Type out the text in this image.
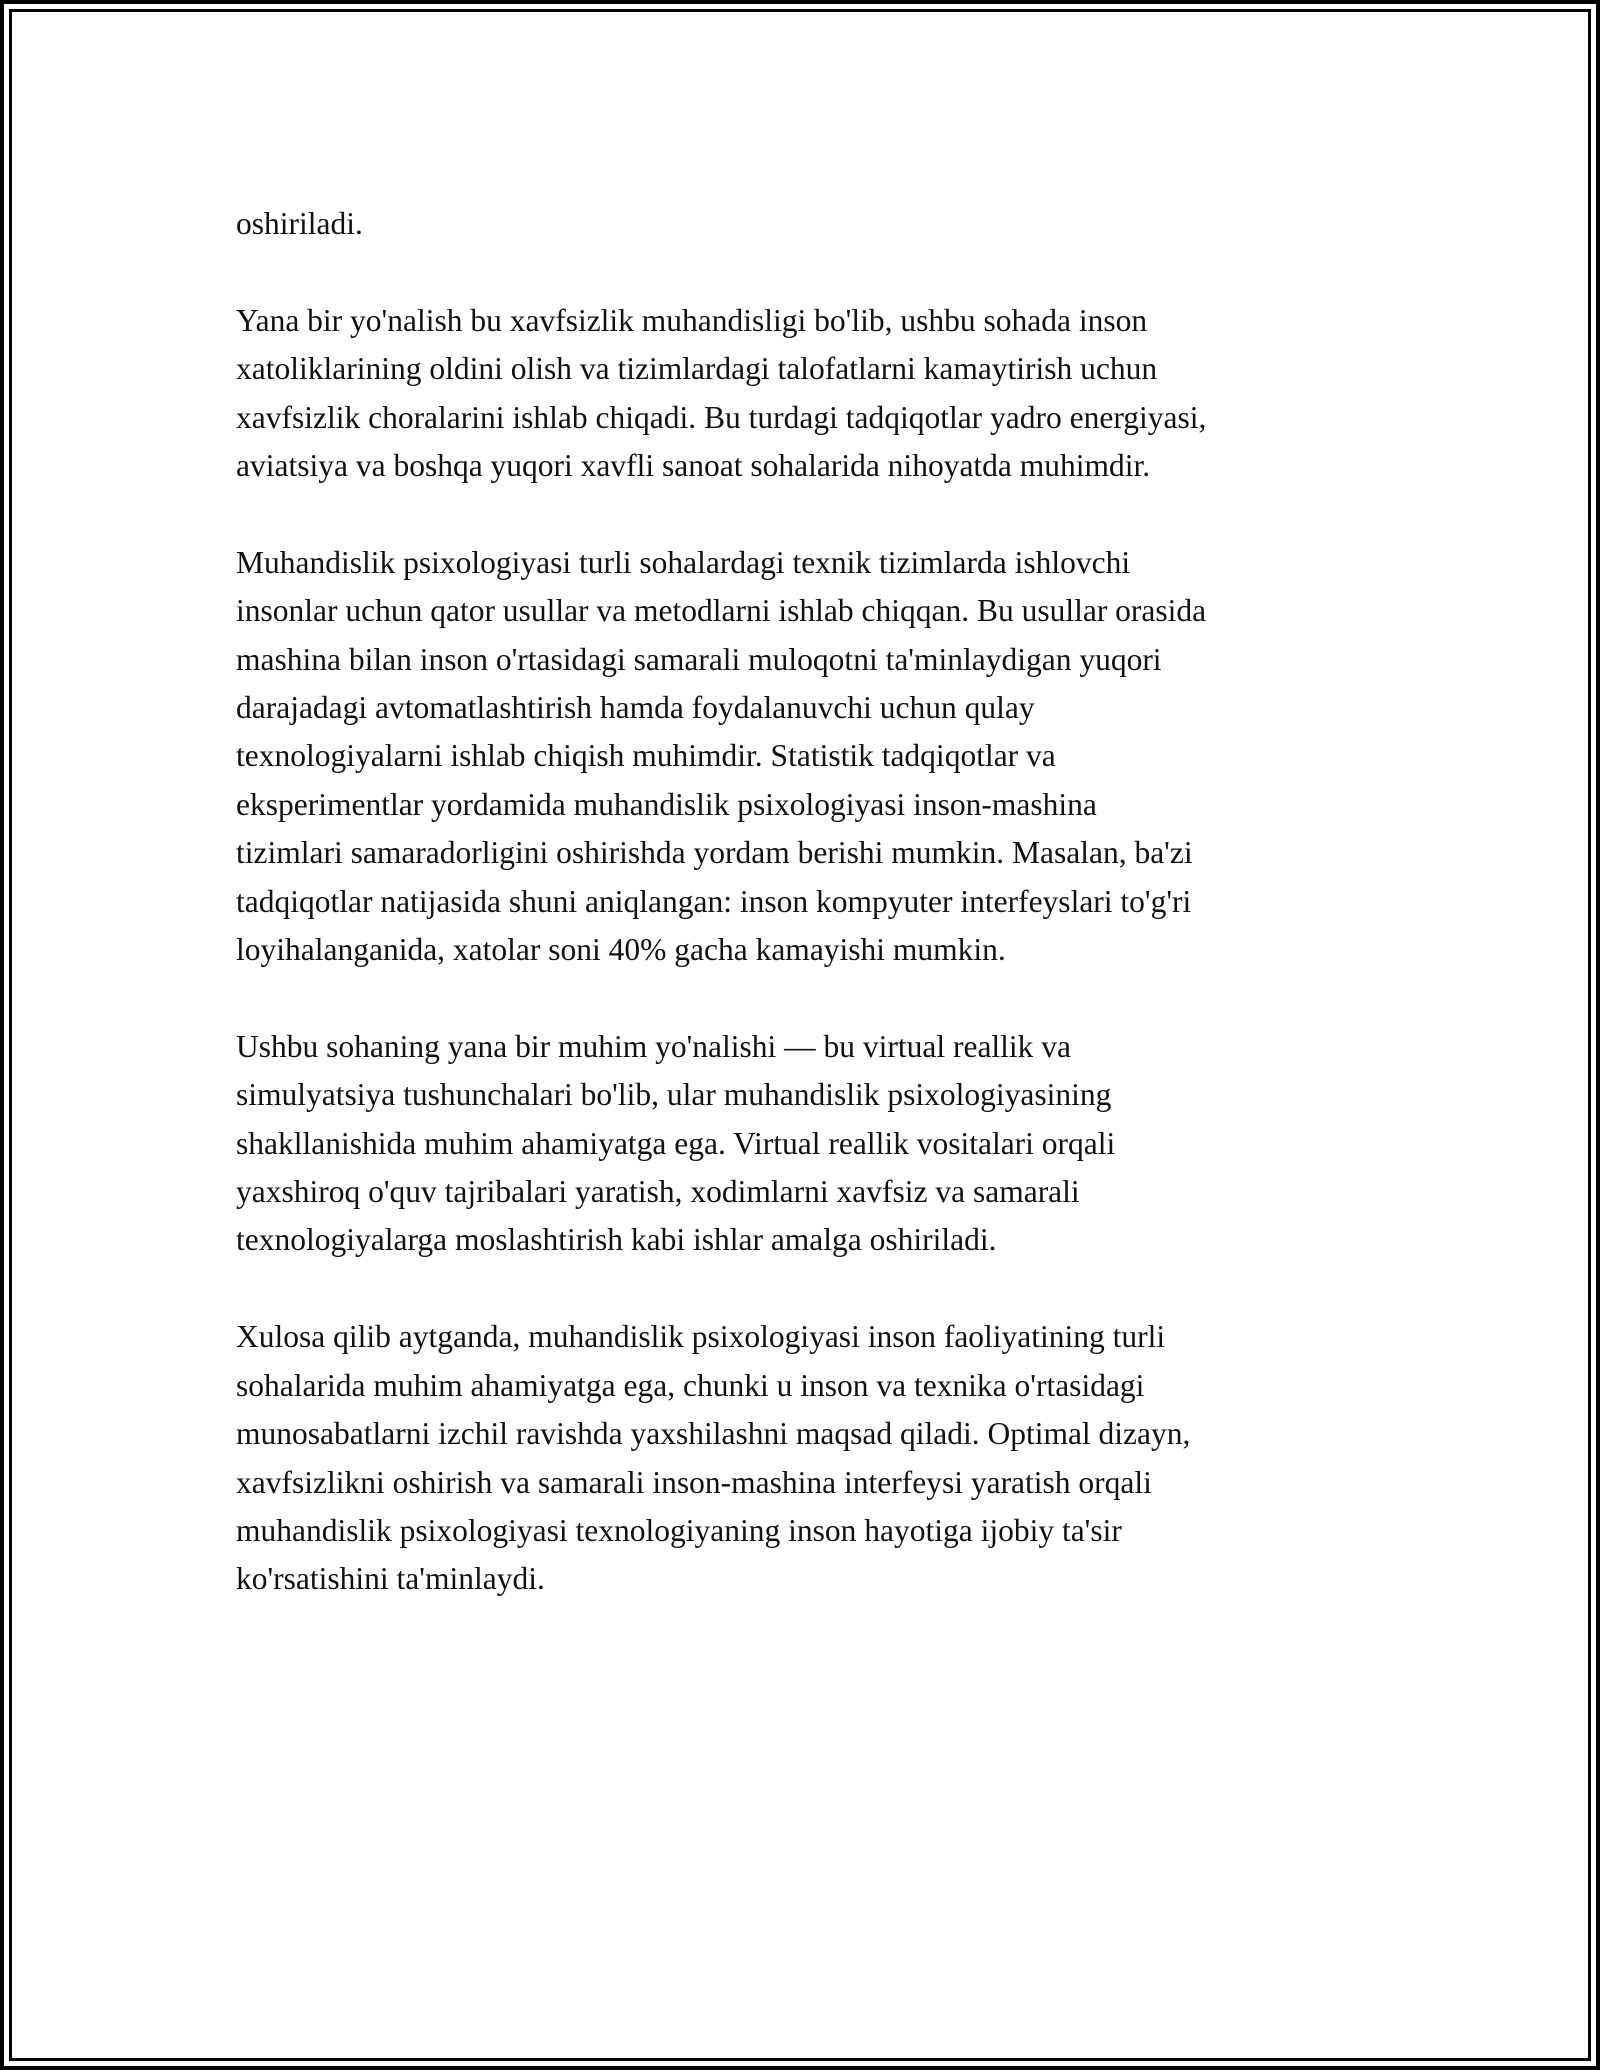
oshiriladi.

Yana bir yo'nalish bu xavfsizlik muhandisligi bo'lib, ushbu sohada inson
xatoliklarining oldini olish va tizimlardagi talofatlarni kamaytirish uchun
xavfsizlik choralarini ishlab chiqadi. Bu turdagi tadqiqotlar yadro energiyasi,
aviatsiya va boshqa yuqori xavfli sanoat sohalarida nihoyatda muhimdir.

Muhandislik psixologiyasi turli sohalardagi texnik tizimlarda ishlovchi
insonlar uchun qator usullar va metodlarni ishlab chiqqan. Bu usullar orasida
mashina bilan inson o'rtasidagi samarali muloqotni ta'minlaydigan yuqori
darajadagi avtomatlashtirish hamda foydalanuvchi uchun qulay
texnologiyalarni ishlab chiqish muhimdir. Statistik tadqiqotlar va
eksperimentlar yordamida muhandislik psixologiyasi inson-mashina
tizimlari samaradorligini oshirishda yordam berishi mumkin. Masalan, ba'zi
tadqiqotlar natijasida shuni aniqlangan: inson kompyuter interfeyslari to'g'ri
loyihalanganida, xatolar soni 40% gacha kamayishi mumkin.

Ushbu sohaning yana bir muhim yo'nalishi — bu virtual reallik va
simulyatsiya tushunchalari bo'lib, ular muhandislik psixologiyasining
shakllanishida muhim ahamiyatga ega. Virtual reallik vositalari orqali
yaxshiroq o'quv tajribalari yaratish, xodimlarni xavfsiz va samarali
texnologiyalarga moslashtirish kabi ishlar amalga oshiriladi.

Xulosa qilib aytganda, muhandislik psixologiyasi inson faoliyatining turli
sohalarida muhim ahamiyatga ega, chunki u inson va texnika o'rtasidagi
munosabatlarni izchil ravishda yaxshilashni maqsad qiladi. Optimal dizayn,
xavfsizlikni oshirish va samarali inson-mashina interfeysi yaratish orqali
muhandislik psixologiyasi texnologiyaning inson hayotiga ijobiy ta'sir
ko'rsatishini ta'minlaydi.
